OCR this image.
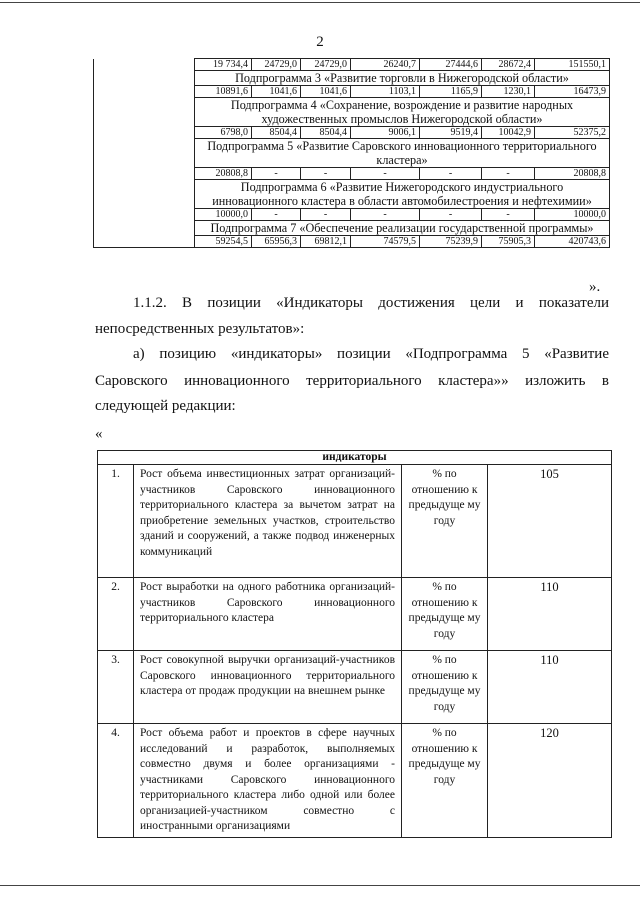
2
	19 734,4	24729,0	24729,0	26240,7	27444,6	28672,4	151550,1
	Подпрограмма 3 «Развитие торговли в Нижегородской области»						
	10891,6	1041,6	1041,6	1103,1	1165,9	1230,1	16473,9
	Подпрограмма 4 «Сохранение, возрождение и развитие народных художественных промыслов Нижегородской области»						
	6798,0	8504,4	8504,4	9006,1	9519,4	10042,9	52375,2
	Подпрограмма 5 «Развитие Саровского инновационного территориального кластера»						
	20808,8	-	-	-	-	-	20808,8
	Подпрограмма 6 «Развитие Нижегородского индустриального инновационного кластера в области автомобилестроения и нефтехимии»						
	10000,0	-	-	-	-	-	10000,0
	Подпрограмма 7 «Обеспечение реализации государственной программы»						
	59254,5	65956,3	69812,1	74579,5	75239,9	75905,3	420743,6
».
1.1.2. В позиции «Индикаторы достижения цели и показатели
непосредственных результатов»:
а) позицию «индикаторы» позиции «Подпрограмма 5 «Развитие
Саровского инновационного территориального кластера»» изложить в
следующей редакции:
«
индикаторы			
1.	Рост объема инвестиционных затрат организаций-участников Саровского инновационного территориального кластера за вычетом затрат на приобретение земельных участков, строительство зданий и сооружений, а также подвод инженерных коммуникаций	% по отношению к предыдуще му году	105
2.	Рост выработки на одного работника организаций-участников Саровского инновационного территориального кластера	% по отношению к предыдуще му году	110
3.	Рост совокупной выручки организаций-участников Саровского инновационного территориального кластера от продаж продукции на внешнем рынке	% по отношению к предыдуще му году	110
4.	Рост объема работ и проектов в сфере научных исследований и разработок, выполняемых совместно двумя и более организациями - участниками Саровского инновационного территориального кластера либо одной или более организацией-участником совместно с иностранными организациями	% по отношению к предыдуще му году	120
